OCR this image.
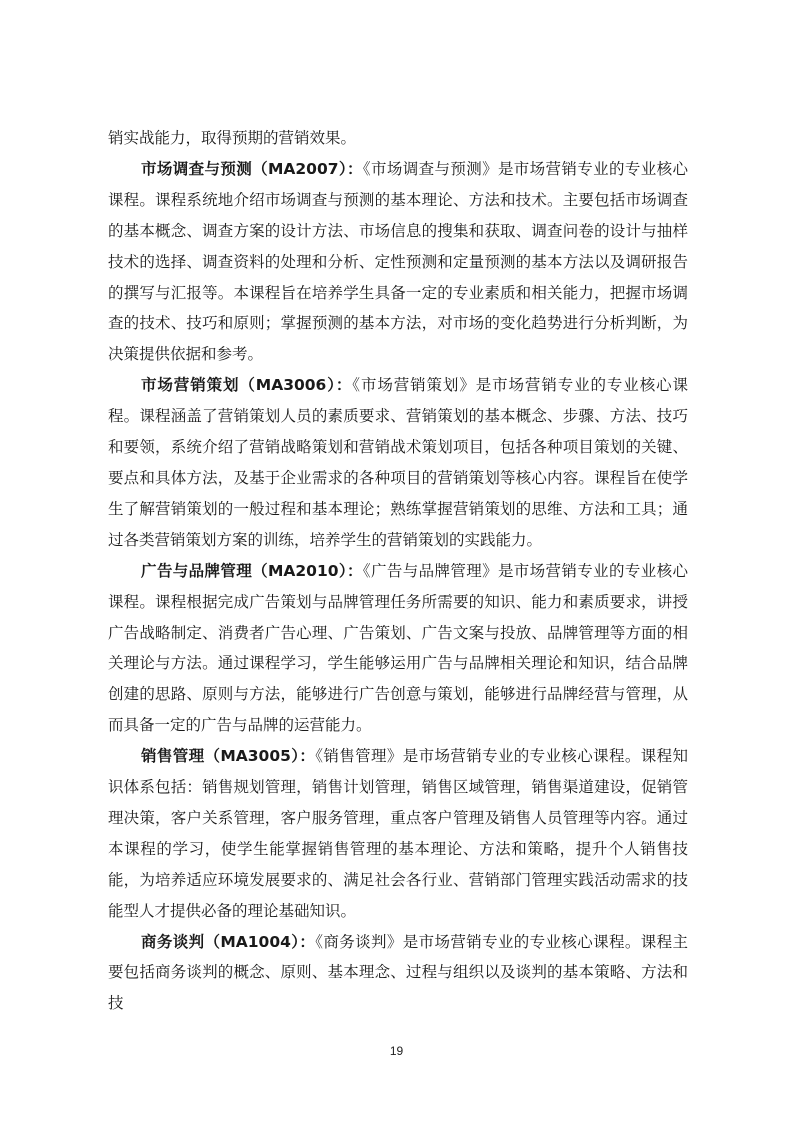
销实战能力，取得预期的营销效果。

市场调查与预测（MA2007）：《市场调查与预测》是市场营销专业的专业核心课程。课程系统地介绍市场调查与预测的基本理论、方法和技术。主要包括市场调查的基本概念、调查方案的设计方法、市场信息的搜集和获取、调查问卷的设计与抽样技术的选择、调查资料的处理和分析、定性预测和定量预测的基本方法以及调研报告的撰写与汇报等。本课程旨在培养学生具备一定的专业素质和相关能力，把握市场调查的技术、技巧和原则；掌握预测的基本方法，对市场的变化趋势进行分析判断，为决策提供依据和参考。

市场营销策划（MA3006）：《市场营销策划》是市场营销专业的专业核心课程。课程涵盖了营销策划人员的素质要求、营销策划的基本概念、步骤、方法、技巧和要领，系统介绍了营销战略策划和营销战术策划项目，包括各种项目策划的关键、要点和具体方法，及基于企业需求的各种项目的营销策划等核心内容。课程旨在使学生了解营销策划的一般过程和基本理论；熟练掌握营销策划的思维、方法和工具；通过各类营销策划方案的训练，培养学生的营销策划的实践能力。

广告与品牌管理（MA2010）：《广告与品牌管理》是市场营销专业的专业核心课程。课程根据完成广告策划与品牌管理任务所需要的知识、能力和素质要求，讲授广告战略制定、消费者广告心理、广告策划、广告文案与投放、品牌管理等方面的相关理论与方法。通过课程学习，学生能够运用广告与品牌相关理论和知识，结合品牌创建的思路、原则与方法，能够进行广告创意与策划，能够进行品牌经营与管理，从而具备一定的广告与品牌的运营能力。

销售管理（MA3005）：《销售管理》是市场营销专业的专业核心课程。课程知识体系包括：销售规划管理，销售计划管理，销售区域管理，销售渠道建设，促销管理决策，客户关系管理，客户服务管理，重点客户管理及销售人员管理等内容。通过本课程的学习，使学生能掌握销售管理的基本理论、方法和策略，提升个人销售技能，为培养适应环境发展要求的、满足社会各行业、营销部门管理实践活动需求的技能型人才提供必备的理论基础知识。

商务谈判（MA1004）：《商务谈判》是市场营销专业的专业核心课程。课程主要包括商务谈判的概念、原则、基本理念、过程与组织以及谈判的基本策略、方法和技

19
